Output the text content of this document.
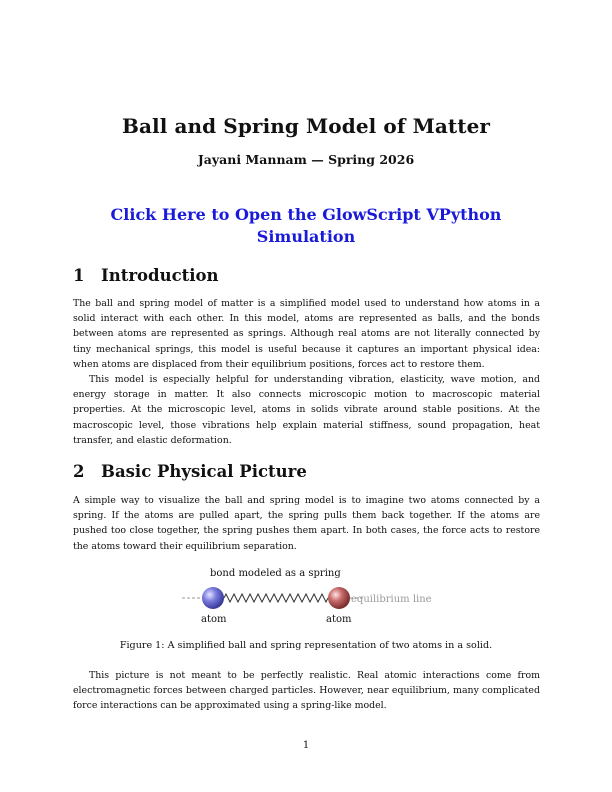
Ball and Spring Model of Matter
Jayani Mannam — Spring 2026
Click Here to Open the GlowScript VPython Simulation
1 Introduction

The ball and spring model of matter is a simplified model used to understand how atoms in a solid interact with each other. In this model, atoms are represented as balls, and the bonds between atoms are represented as springs. Although real atoms are not literally connected by tiny mechanical springs, this model is useful because it captures an important physical idea: when atoms are displaced from their equilibrium positions, forces act to restore them.

This model is especially helpful for understanding vibration, elasticity, wave motion, and energy storage in matter. It also connects microscopic motion to macroscopic material properties. At the microscopic level, atoms in solids vibrate around stable positions. At the macroscopic level, those vibrations help explain material stiffness, sound propagation, heat transfer, and elastic deformation.

2 Basic Physical Picture

A simple way to visualize the ball and spring model is to imagine two atoms connected by a spring. If the atoms are pulled apart, the spring pulls them back together. If the atoms are pushed too close together, the spring pushes them apart. In both cases, the force acts to restore the atoms toward their equilibrium separation.

bond modeled as a spring
equilibrium line
atom	atom
Figure 1: A simplified ball and spring representation of two atoms in a solid.

This picture is not meant to be perfectly realistic. Real atomic interactions come from electromagnetic forces between charged particles. However, near equilibrium, many complicated force interactions can be approximated using a spring-like model.

1
